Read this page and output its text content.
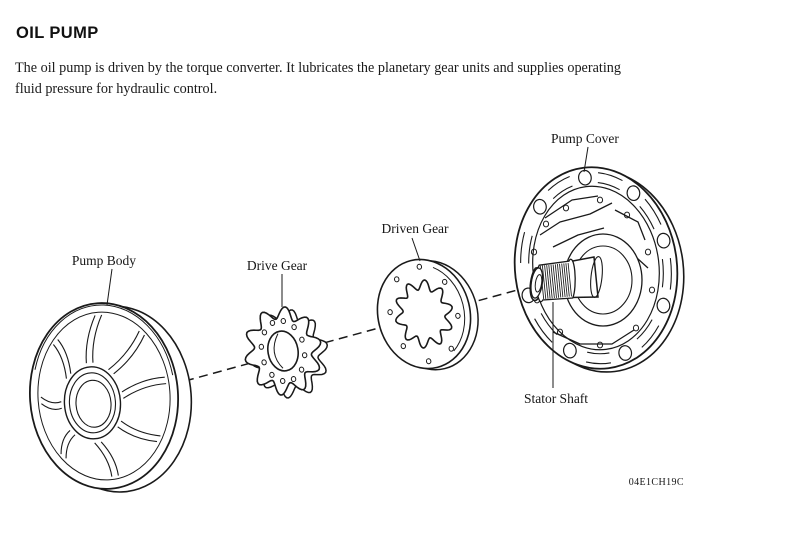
OIL PUMP

The oil pump is driven by the torque converter. It lubricates the planetary gear units and supplies operating
fluid pressure for hydraulic control.

Pump Body	Drive Gear
Driven Gear
Pump Cover
Stator Shaft
04E1CH19C
